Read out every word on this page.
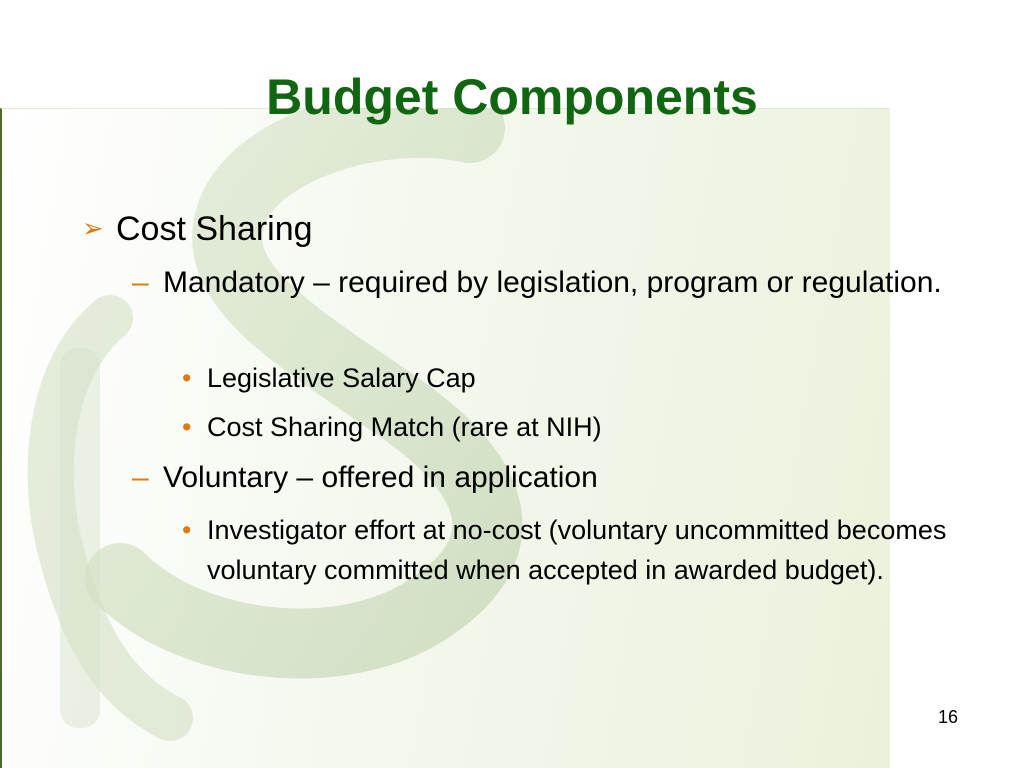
Budget Components
➢ Cost Sharing
– Mandatory – required by legislation, program or regulation.
• Legislative Salary Cap
• Cost Sharing Match (rare at NIH)
– Voluntary – offered in application
• Investigator effort at no-cost (voluntary uncommitted becomes voluntary committed when accepted in awarded budget).
16
